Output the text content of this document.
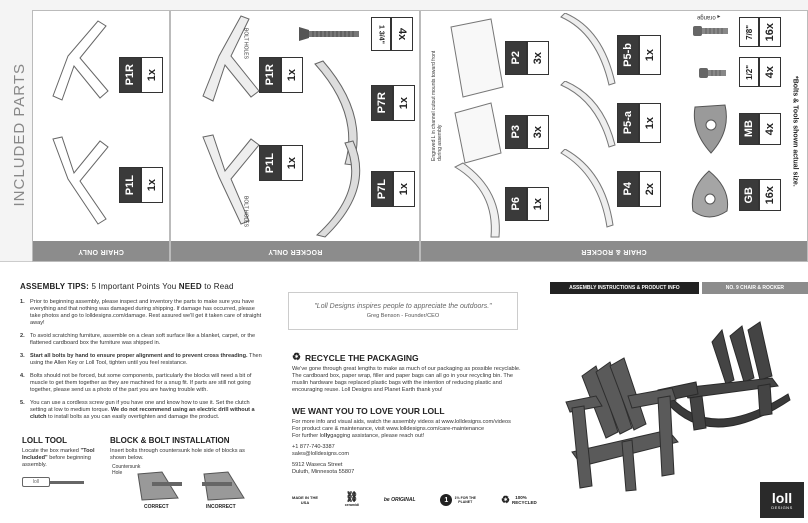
INCLUDED PARTS
CHAIR ONLY
P1R 1x
P1L 1x
ROCKER ONLY
BOLT HOLES
P1R 1x
BOLT HOLES
P1L 1x
1 3/4" 4x
P7R 1x
P7L 1x
CHAIR & ROCKER
Engraved L in channel cutout mounts toward front during assembly
P2 3x
P3 3x
P6 1x
P5-b 1x
P5-a 1x
P4 2x
orange ▸
7/8" 16x
1/2" 4x
MB 4x
GB 16x
*Bolts & Tools shown actual size.
ASSEMBLY TIPS: 5 Important Points You NEED to Read
1. Prior to beginning assembly, please inspect and inventory the parts to make sure you have everything and that nothing was damaged during shipping. If damage has occurred, please take photos and go to lolldesigns.com/damage. Rest assured we'll get it taken care of straight away!
2. To avoid scratching furniture, assemble on a clean soft surface like a blanket, carpet, or the flattened cardboard box the furniture was shipped in.
3. Start all bolts by hand to ensure proper alignment and to prevent cross threading. Then using the Allen Key or Loll Tool, tighten until you feel resistance.
4. Bolts should not be forced, but some components, particularly the blocks will need a bit of muscle to get them together as they are machined for a snug fit. If parts are still not going together, please send us a photo of the part you are having trouble with.
5. You can use a cordless screw gun if you have one and know how to use it. Set the clutch setting at low to medium torque. We do not recommend using an electric drill without a clutch to install bolts as you can easily overtighten and damage the product.
LOLL TOOL
Locate the box marked "Tool Included" before beginning assembly.
loll
BLOCK & BOLT INSTALLATION
Insert bolts through countersunk hole side of blocks as shown below.
Countersunk Hole
CORRECT	INCORRECT
"Loll Designs inspires people to appreciate the outdoors."
Greg Benson - Founder/CEO
♻ RECYCLE THE PACKAGING
We've gone through great lengths to make as much of our packaging as possible recyclable. The cardboard box, paper wrap, filler and paper bags can all go in your recycling bin. The muslin hardware bags replaced plastic bags with the intention of reducing plastic and encouraging reuse. Loll Designs and Planet Earth thank you!
WE WANT YOU TO LOVE YOUR LOLL
For more info and visual aids, watch the assembly videos at www.lolldesigns.com/videos
For product care & maintenance, visit www.lolldesigns.com/care-maintenance
For further lollygagging assistance, please reach out!
+1 877-740-3387
sales@lolldesigns.com
5912 Waseca Street
Duluth, Minnesota 55807
MADE IN THE USA	⛓
ceramidi
be ORIGINAL	1	1% FOR THE PLANET	♻	100% RECYCLED
ASSEMBLY INSTRUCTIONS & PRODUCT INFO	NO. 9 CHAIR & ROCKER
loll
DESIGNS
